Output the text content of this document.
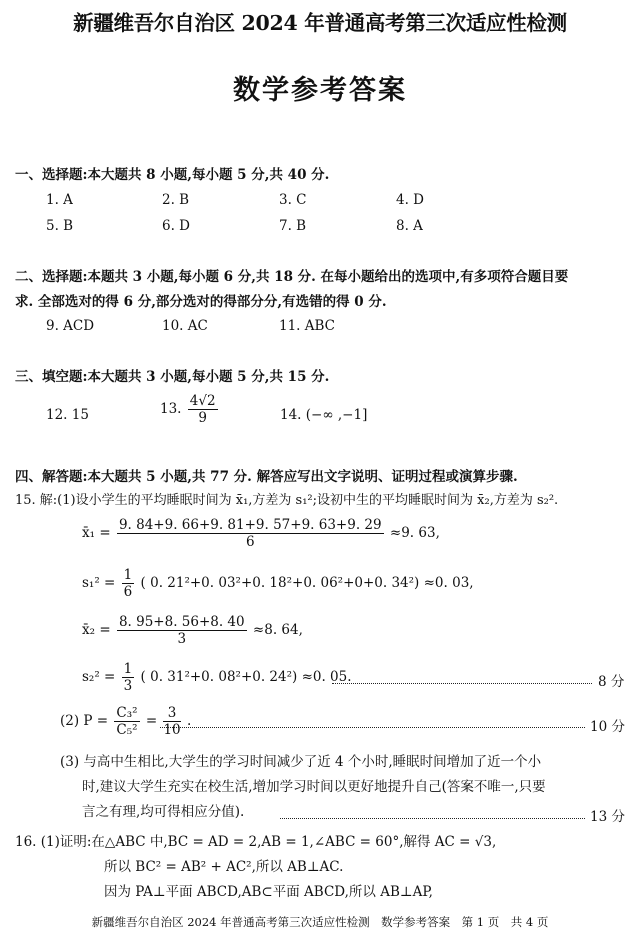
新疆维吾尔自治区 2024 年普通高考第三次适应性检测
数学参考答案
一、选择题:本大题共 8 小题,每小题 5 分,共 40 分.
1. A	2. B	3. C	4. D
5. B	6. D	7. B	8. A
二、选择题:本题共 3 小题,每小题 6 分,共 18 分. 在每小题给出的选项中,有多项符合题目要
求. 全部选对的得 6 分,部分选对的得部分分,有选错的得 0 分.
9. ACD	10. AC	11. ABC
三、填空题:本大题共 3 小题,每小题 5 分,共 15 分.
12. 15	13. $\frac{4√2}{9}$	14. (−∞ ,−1]
四、解答题:本大题共 5 小题,共 77 分. 解答应写出文字说明、证明过程或演算步骤.
15. 解:(1)设小学生的平均睡眠时间为 x̄₁,方差为 s₁²;设初中生的平均睡眠时间为 x̄₂,方差为 s₂².
x̄₁ = $\frac{9. 84+9. 66+9. 81+9. 57+9. 63+9. 29}{6} \approx 9$. 63,
$s_1^2 = \frac{1}{6}$ ( 0. 21²+0. 03²+0. 18²+0. 06²+0+0. 34²) ≈0. 03,
x̄₂ = $\frac{8. 95+8. 56+8. 40}{3} \approx 8$. 64,
$s_2^2 = \frac{1}{3}$ ( 0. 31²+0. 08²+0. 24²) ≈0. 05.	8 分
(2) $P = \frac{\text{C₃²}}{\text{C₅²}} = \frac{3}{10}$ .	10 分
(3) 与高中生相比,大学生的学习时间减少了近 4 个小时,睡眠时间增加了近一个小
时,建议大学生充实在校生活,增加学习时间以更好地提升自己(答案不唯一,只要
言之有理,均可得相应分值).	13 分
16. (1)证明:在△ABC 中,BC = AD = 2,AB = 1,∠ABC = 60°,解得 AC = √3,
所以 BC² = AB² + AC²,所以 AB⊥AC.
因为 PA⊥平面 ABCD,AB⊂平面 ABCD,所以 AB⊥AP,
新疆维吾尔自治区 2024 年普通高考第三次适应性检测　数学参考答案　第 1 页　共 4 页
